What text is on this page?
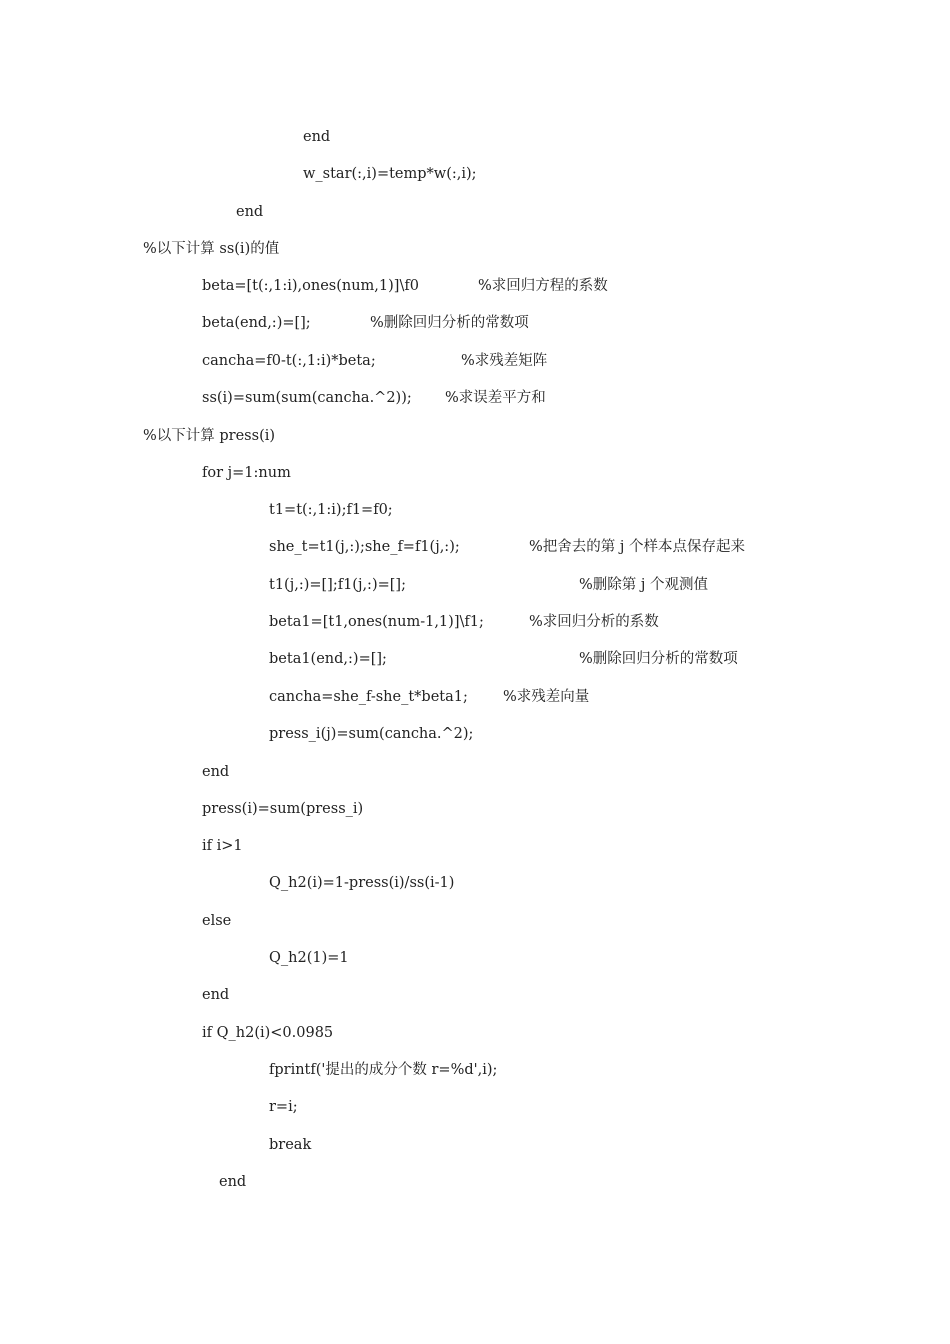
end
w_star(:,i)=temp*w(:,i);
end
%以下计算 ss(i)的值
beta=[t(:,1:i),ones(num,1)]\f0	%求回归方程的系数
beta(end,:)=[];	%删除回归分析的常数项
cancha=f0-t(:,1:i)*beta;	%求残差矩阵
ss(i)=sum(sum(cancha.^2)); %求误差平方和
%以下计算 press(i)
for j=1:num
t1=t(:,1:i);f1=f0;
she_t=t1(j,:);she_f=f1(j,:);	%把舍去的第 j 个样本点保存起来
t1(j,:)=[];f1(j,:)=[];	%删除第 j 个观测值
beta1=[t1,ones(num-1,1)]\f1;	%求回归分析的系数
beta1(end,:)=[];	%删除回归分析的常数项
cancha=she_f-she_t*beta1; %求残差向量
press_i(j)=sum(cancha.^2);
end
press(i)=sum(press_i)
if i>1
Q_h2(i)=1-press(i)/ss(i-1)
else
Q_h2(1)=1
end
if Q_h2(i)<0.0985
fprintf('提出的成分个数 r=%d',i);
r=i;
break
end
